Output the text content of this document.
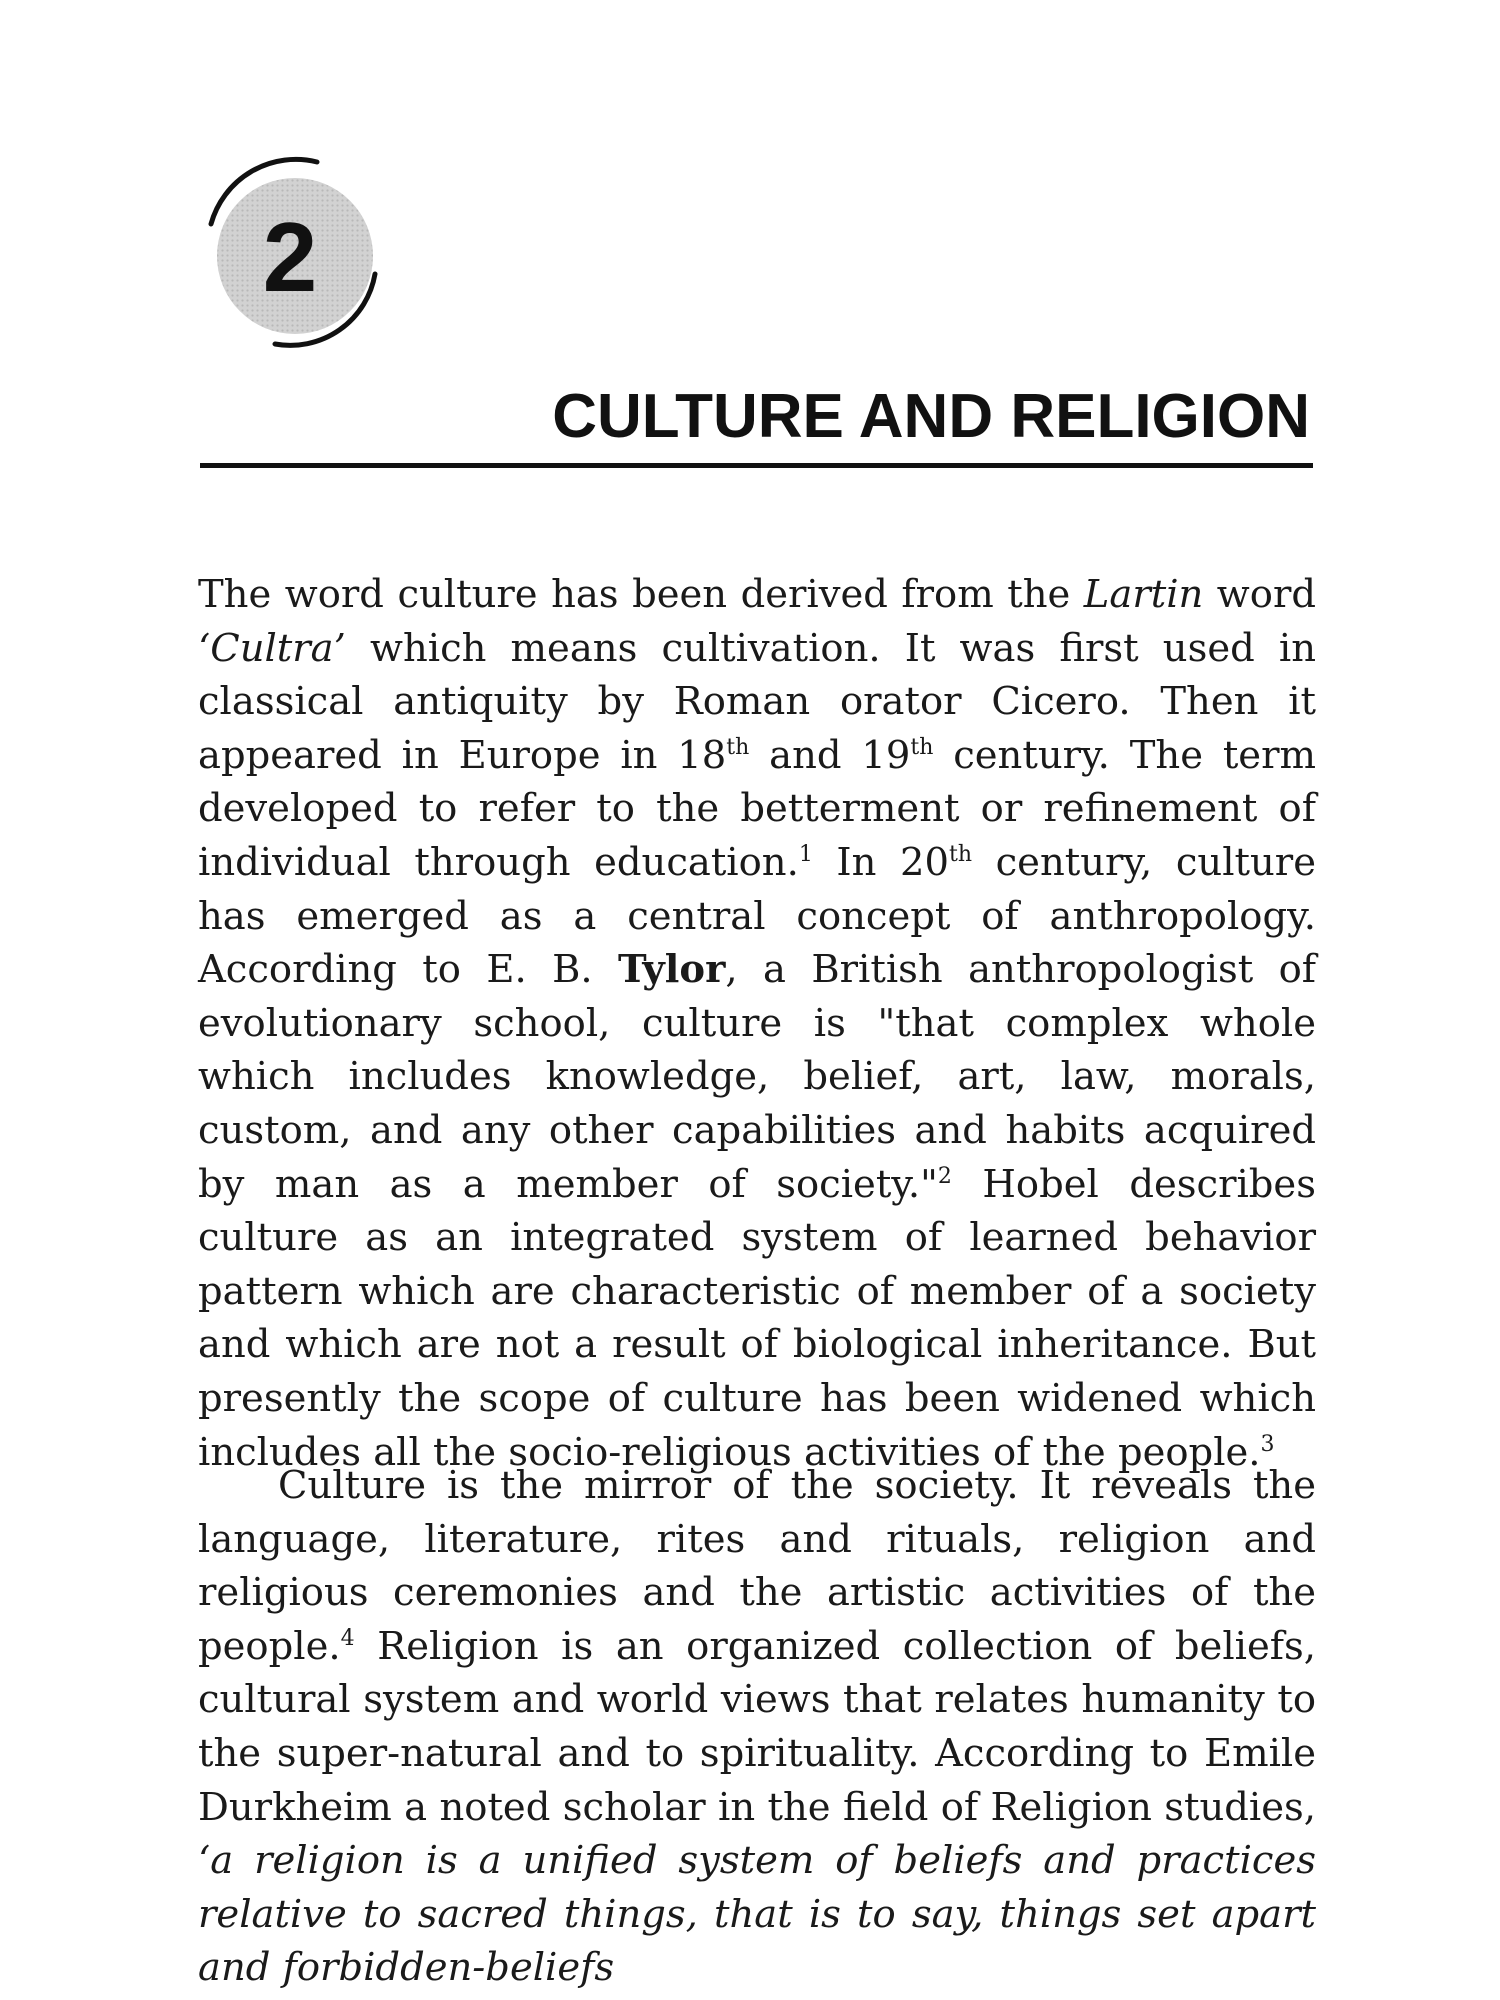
2
CULTURE AND RELIGION

The word culture has been derived from the Lartin word ‘Cultra’ which means cultivation. It was first used in classical antiquity by Roman orator Cicero. Then it appeared in Europe in 18th and 19th century. The term developed to refer to the betterment or refinement of individual through education.$^1$ In 20th century, culture has emerged as a central concept of anthropology. According to E. B. Tylor, a British anthropologist of evolutionary school, culture is "that complex whole which includes knowledge, belief, art, law, morals, custom, and any other capabilities and habits acquired by man as a member of society."$^2$ Hobel describes culture as an integrated system of learned behavior pattern which are characteristic of member of a society and which are not a result of biological inheritance. But presently the scope of culture has been widened which includes all the socio-religious activities of the people.$^3$

Culture is the mirror of the society. It reveals the language, literature, rites and rituals, religion and religious ceremonies and the artistic activities of the people.$^4$ Religion is an organized collection of beliefs, cultural system and world views that relates humanity to the super-natural and to spirituality. According to Emile Durkheim a noted scholar in the field of Religion studies, ‘a religion is a unified system of beliefs and practices relative to sacred things, that is to say, things set apart and forbidden-beliefs
